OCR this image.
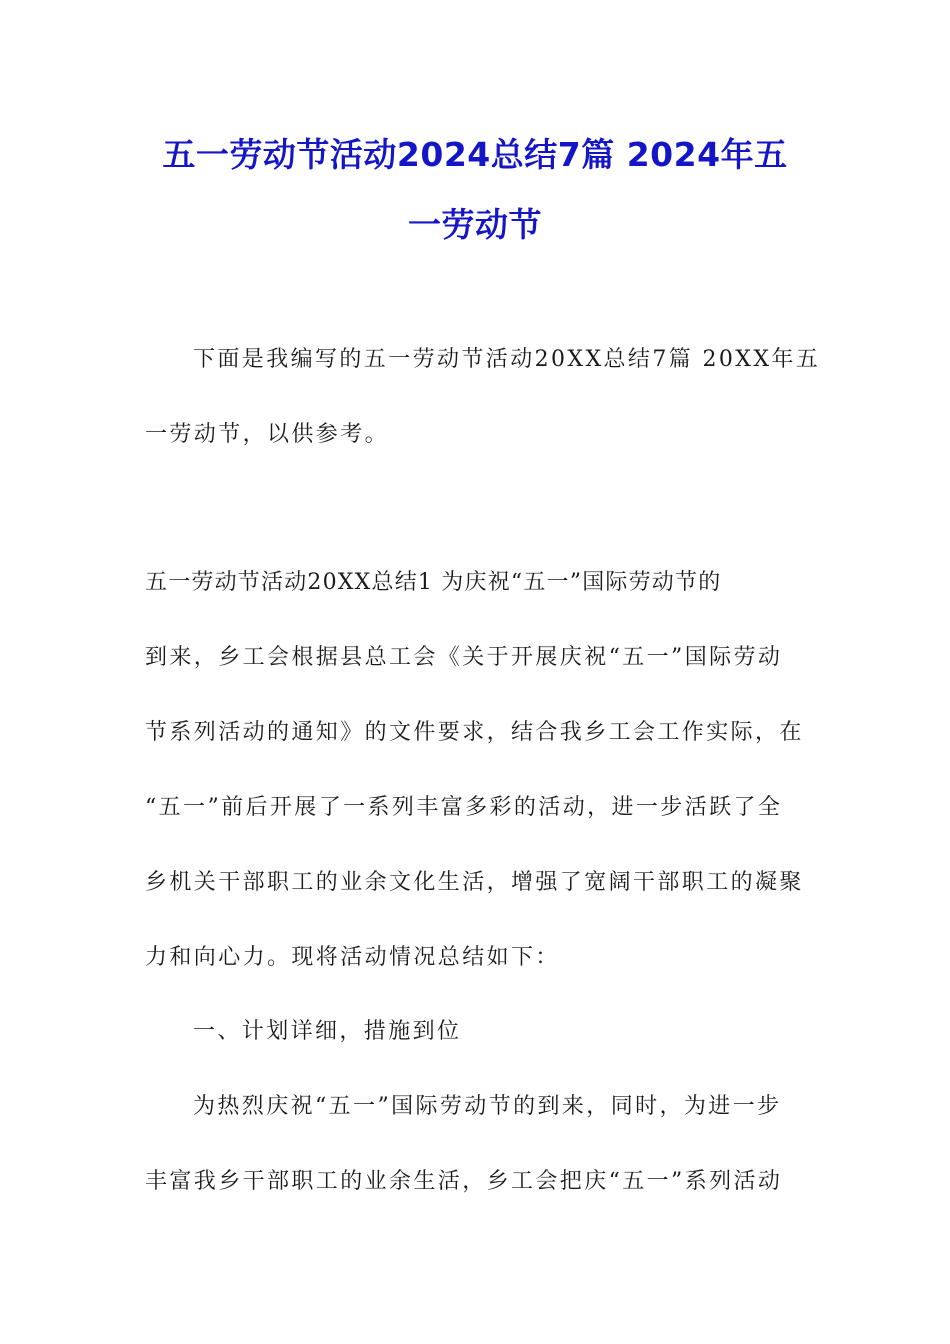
五一劳动节活动2024总结7篇 2024年五
一劳动节
下面是我编写的五一劳动节活动20XX总结7篇 20XX年五
一劳动节，以供参考。
五一劳动节活动20XX总结1 为庆祝“五一”国际劳动节的
到来，乡工会根据县总工会《关于开展庆祝“五一”国际劳动
节系列活动的通知》的文件要求，结合我乡工会工作实际，在
“五一”前后开展了一系列丰富多彩的活动，进一步活跃了全
乡机关干部职工的业余文化生活，增强了宽阔干部职工的凝聚
力和向心力。现将活动情况总结如下：
一、计划详细，措施到位
为热烈庆祝“五一”国际劳动节的到来，同时，为进一步
丰富我乡干部职工的业余生活，乡工会把庆“五一”系列活动
